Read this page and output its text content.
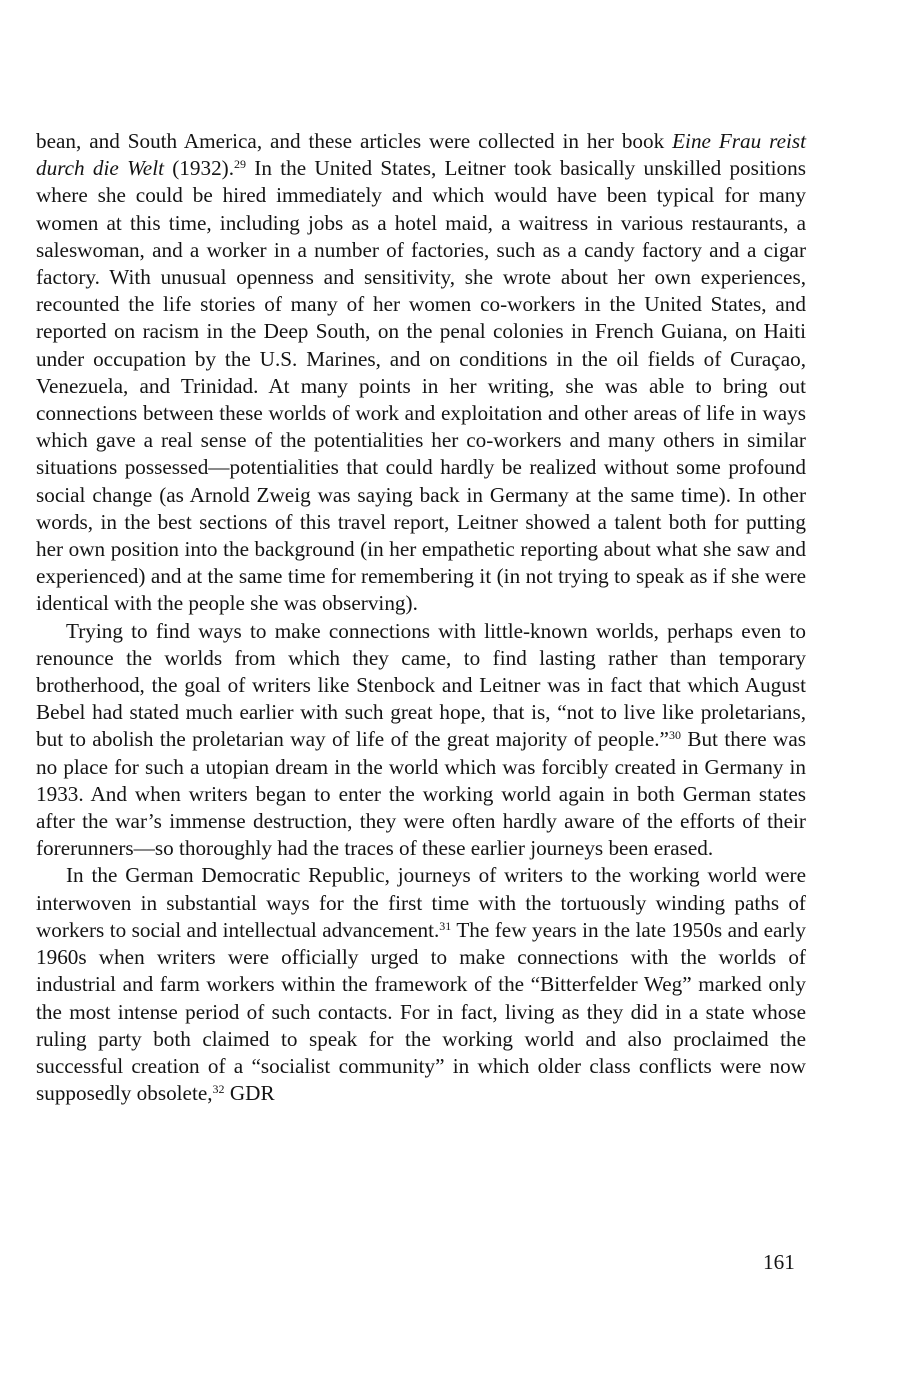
bean, and South America, and these articles were collected in her book Eine Frau reist durch die Welt (1932).$^{29}$ In the United States, Leitner took basically unskilled positions where she could be hired immediately and which would have been typical for many women at this time, including jobs as a hotel maid, a waitress in various restaurants, a saleswoman, and a worker in a number of factories, such as a candy factory and a cigar factory. With unusual openness and sensitivity, she wrote about her own experiences, recounted the life stories of many of her women co-workers in the United States, and reported on racism in the Deep South, on the penal colonies in French Guiana, on Haiti under occupation by the U.S. Marines, and on conditions in the oil fields of Curaçao, Venezuela, and Trinidad. At many points in her writing, she was able to bring out connections between these worlds of work and exploitation and other areas of life in ways which gave a real sense of the potentialities her co-workers and many others in similar situations possessed—potentialities that could hardly be realized without some profound social change (as Arnold Zweig was saying back in Germany at the same time). In other words, in the best sections of this travel report, Leitner showed a talent both for putting her own position into the background (in her empathetic reporting about what she saw and experienced) and at the same time for remembering it (in not trying to speak as if she were identical with the people she was observing).

Trying to find ways to make connections with little-known worlds, perhaps even to renounce the worlds from which they came, to find lasting rather than temporary brotherhood, the goal of writers like Stenbock and Leitner was in fact that which August Bebel had stated much earlier with such great hope, that is, “not to live like proletarians, but to abolish the proletarian way of life of the great majority of people.”$^{30}$ But there was no place for such a utopian dream in the world which was forcibly created in Germany in 1933. And when writers began to enter the working world again in both German states after the war’s immense destruction, they were often hardly aware of the efforts of their forerunners—so thoroughly had the traces of these earlier journeys been erased.

In the German Democratic Republic, journeys of writers to the working world were interwoven in substantial ways for the first time with the tortuously winding paths of workers to social and intellectual advancement.$^{31}$ The few years in the late 1950s and early 1960s when writers were officially urged to make connections with the worlds of industrial and farm workers within the framework of the “Bitterfelder Weg” marked only the most intense period of such contacts. For in fact, living as they did in a state whose ruling party both claimed to speak for the working world and also proclaimed the successful creation of a “socialist community” in which older class conflicts were now supposedly obsolete,$^{32}$ GDR

161
